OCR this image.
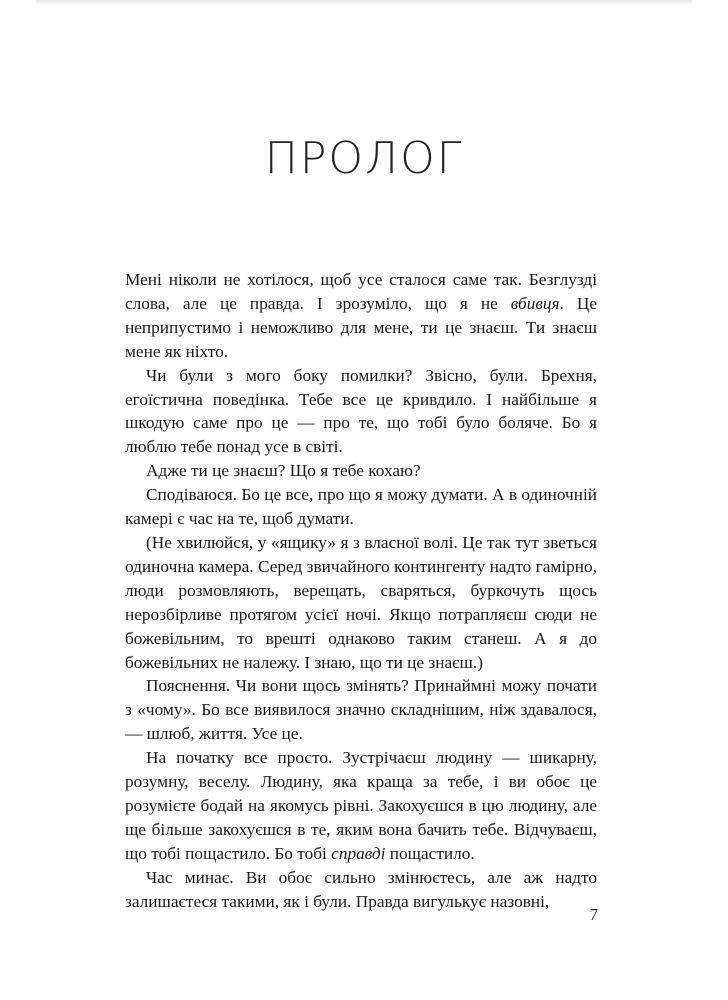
ПРОЛОГ

Мені ніколи не хотілося, щоб усе сталося саме так. Безглузді слова, але це правда. І зрозуміло, що я не вбивця. Це неприпустимо і неможливо для мене, ти це знаєш. Ти знаєш мене як ніхто.

Чи були з мого боку помилки? Звісно, були. Брехня, егоїстична поведінка. Тебе все це кривдило. І найбільше я шкодую саме про це — про те, що тобі було боляче. Бо я люблю тебе понад усе в світі.

Адже ти це знаєш? Що я тебе кохаю?

Сподіваюся. Бо це все, про що я можу думати. А в одиночній камері є час на те, щоб думати.

(Не хвилюйся, у «ящику» я з власної волі. Це так тут зветься одиночна камера. Серед звичайного контингенту надто гамірно, люди розмовляють, верещать, сваряться, буркочуть щось нерозбірливе протягом усієї ночі. Якщо потрапляєш сюди не божевільним, то врешті однаково таким станеш. А я до божевільних не належу. І знаю, що ти це знаєш.)

Пояснення. Чи вони щось змінять? Принаймні можу почати з «чому». Бо все виявилося значно складнішим, ніж здавалося, — шлюб, життя. Усе це.

На початку все просто. Зустрічаєш людину — шикарну, розумну, веселу. Людину, яка краща за тебе, і ви обоє це розумієте бодай на якомусь рівні. Закохуєшся в цю людину, але ще більше закохуєшся в те, яким вона бачить тебе. Відчуваєш, що тобі пощастило. Бо тобі справді пощастило.

Час минає. Ви обоє сильно змінюєтесь, але аж надто залишаєтеся такими, як і були. Правда вигулькує назовні,

7
